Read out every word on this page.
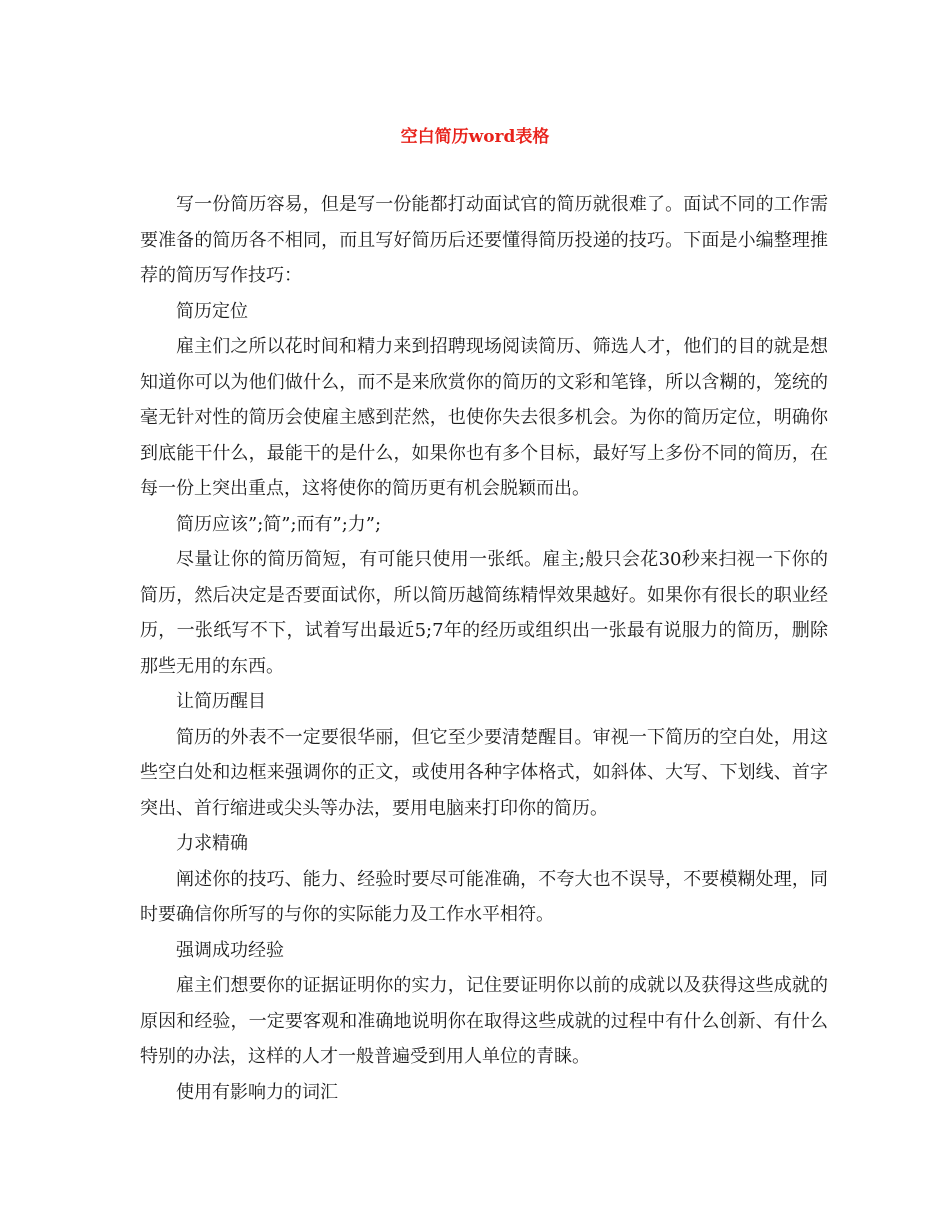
空白简历word表格

写一份简历容易，但是写一份能都打动面试官的简历就很难了。面试不同的工作需要准备的简历各不相同，而且写好简历后还要懂得简历投递的技巧。下面是小编整理推荐的简历写作技巧：

简历定位

雇主们之所以花时间和精力来到招聘现场阅读简历、筛选人才，他们的目的就是想知道你可以为他们做什么，而不是来欣赏你的简历的文彩和笔锋，所以含糊的，笼统的毫无针对性的简历会使雇主感到茫然，也使你失去很多机会。为你的简历定位，明确你到底能干什么，最能干的是什么，如果你也有多个目标，最好写上多份不同的简历，在每一份上突出重点，这将使你的简历更有机会脱颖而出。

简历应该”;简”;而有”;力”;

尽量让你的简历简短，有可能只使用一张纸。雇主;般只会花30秒来扫视一下你的简历，然后决定是否要面试你，所以简历越简练精悍效果越好。如果你有很长的职业经历，一张纸写不下，试着写出最近5;7年的经历或组织出一张最有说服力的简历，删除那些无用的东西。

让简历醒目

简历的外表不一定要很华丽，但它至少要清楚醒目。审视一下简历的空白处，用这些空白处和边框来强调你的正文，或使用各种字体格式，如斜体、大写、下划线、首字突出、首行缩进或尖头等办法，要用电脑来打印你的简历。

力求精确

阐述你的技巧、能力、经验时要尽可能准确，不夸大也不误导，不要模糊处理，同时要确信你所写的与你的实际能力及工作水平相符。

强调成功经验

雇主们想要你的证据证明你的实力，记住要证明你以前的成就以及获得这些成就的原因和经验，一定要客观和准确地说明你在取得这些成就的过程中有什么创新、有什么特别的办法，这样的人才一般普遍受到用人单位的青睐。

使用有影响力的词汇
